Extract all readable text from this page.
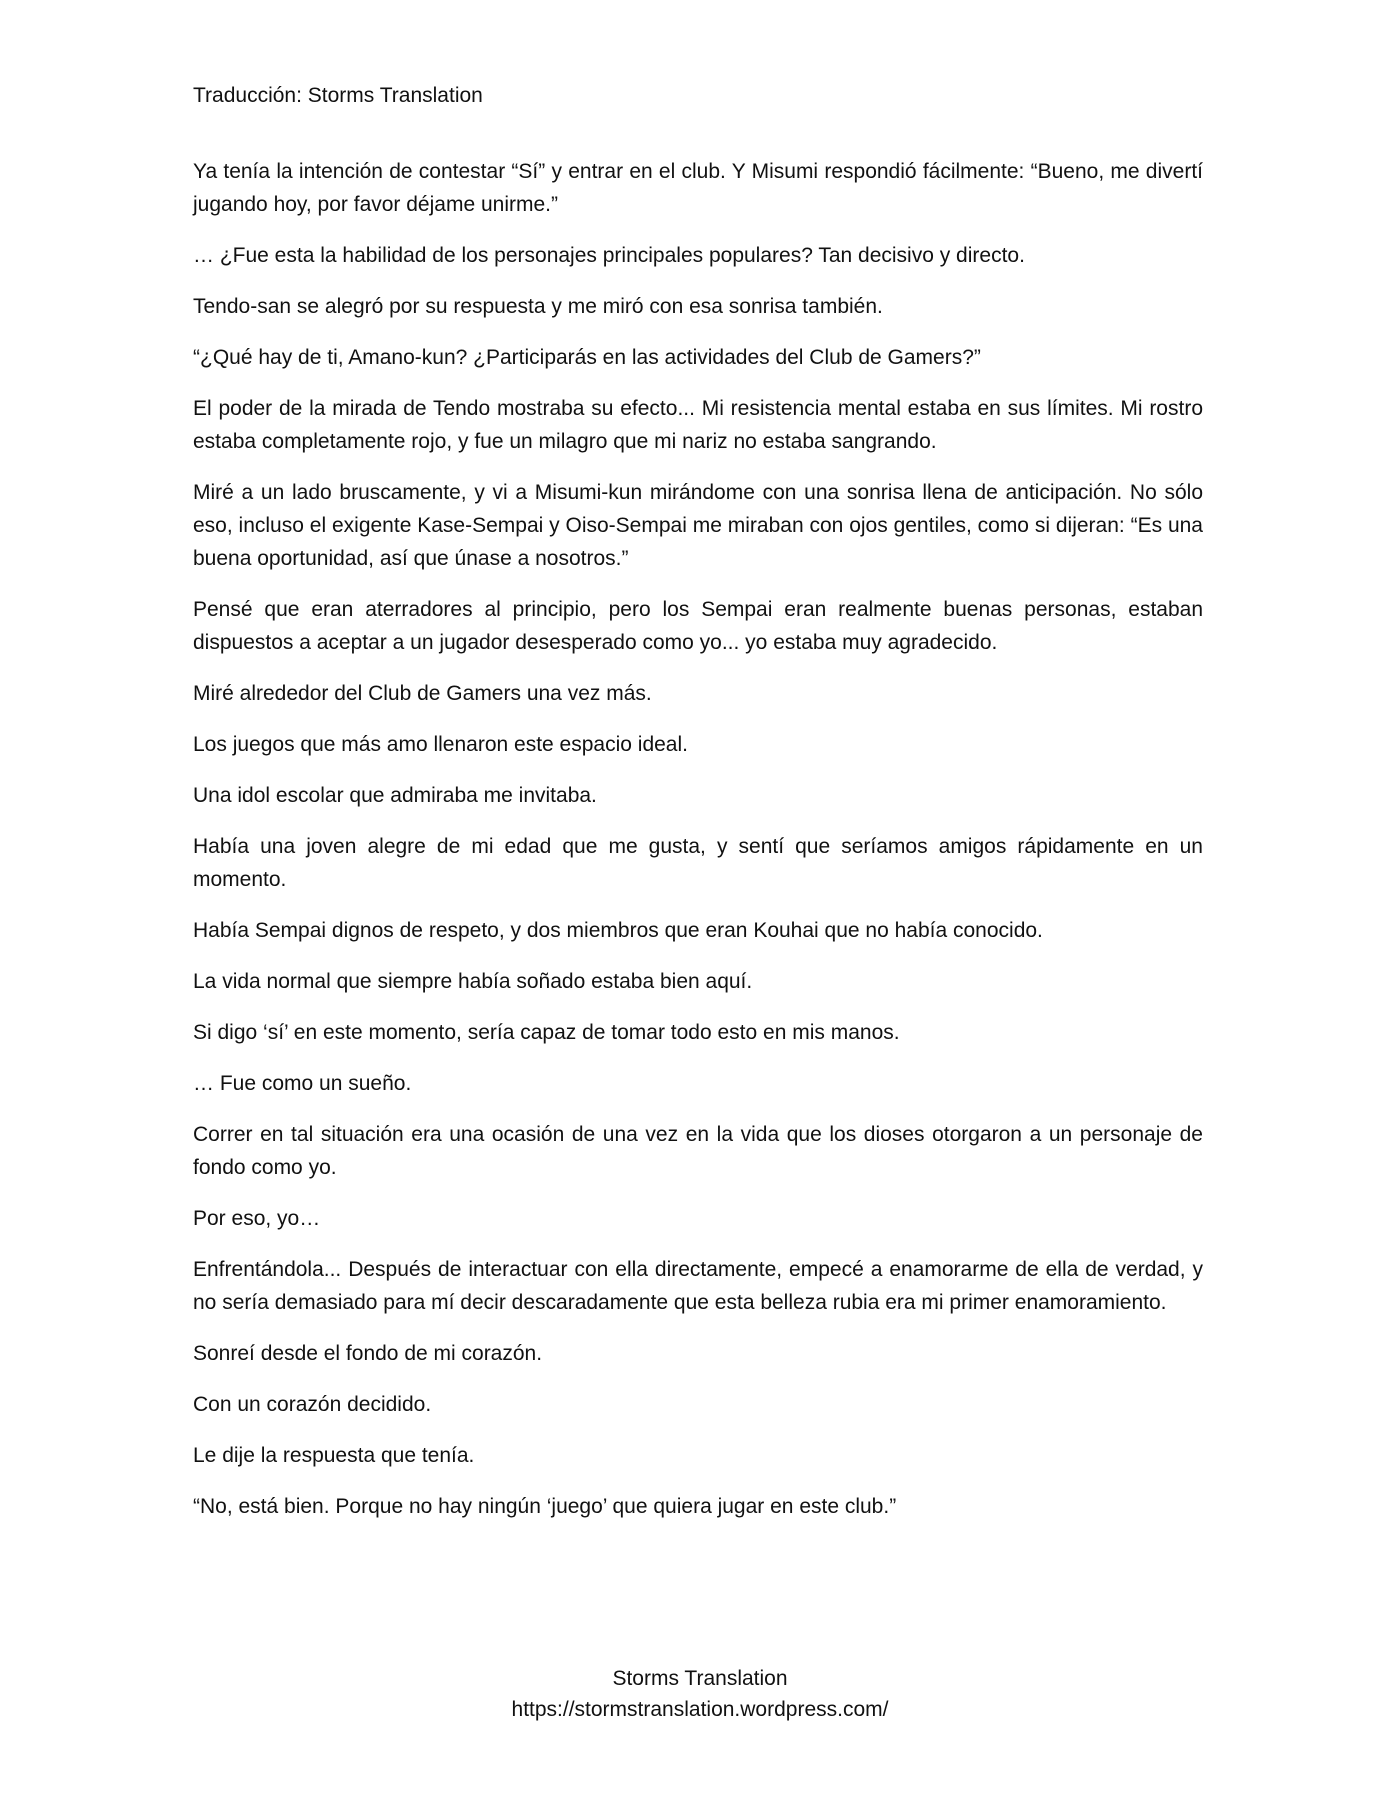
Traducción: Storms Translation

Ya tenía la intención de contestar “Sí” y entrar en el club. Y Misumi respondió fácilmente: “Bueno, me divertí jugando hoy, por favor déjame unirme.”

… ¿Fue esta la habilidad de los personajes principales populares? Tan decisivo y directo.

Tendo-san se alegró por su respuesta y me miró con esa sonrisa también.

“¿Qué hay de ti, Amano-kun? ¿Participarás en las actividades del Club de Gamers?”

El poder de la mirada de Tendo mostraba su efecto... Mi resistencia mental estaba en sus límites. Mi rostro estaba completamente rojo, y fue un milagro que mi nariz no estaba sangrando.

Miré a un lado bruscamente, y vi a Misumi-kun mirándome con una sonrisa llena de anticipación. No sólo eso, incluso el exigente Kase-Sempai y Oiso-Sempai me miraban con ojos gentiles, como si dijeran: “Es una buena oportunidad, así que únase a nosotros.”

Pensé que eran aterradores al principio, pero los Sempai eran realmente buenas personas, estaban dispuestos a aceptar a un jugador desesperado como yo... yo estaba muy agradecido.

Miré alrededor del Club de Gamers una vez más.

Los juegos que más amo llenaron este espacio ideal.

Una idol escolar que admiraba me invitaba.

Había una joven alegre de mi edad que me gusta, y sentí que seríamos amigos rápidamente en un momento.

Había Sempai dignos de respeto, y dos miembros que eran Kouhai que no había conocido.

La vida normal que siempre había soñado estaba bien aquí.

Si digo ‘sí’ en este momento, sería capaz de tomar todo esto en mis manos.

… Fue como un sueño.

Correr en tal situación era una ocasión de una vez en la vida que los dioses otorgaron a un personaje de fondo como yo.

Por eso, yo…

Enfrentándola... Después de interactuar con ella directamente, empecé a enamorarme de ella de verdad, y no sería demasiado para mí decir descaradamente que esta belleza rubia era mi primer enamoramiento.

Sonreí desde el fondo de mi corazón.

Con un corazón decidido.

Le dije la respuesta que tenía.

“No, está bien. Porque no hay ningún ‘juego’ que quiera jugar en este club.”

Storms Translation
https://stormstranslation.wordpress.com/
